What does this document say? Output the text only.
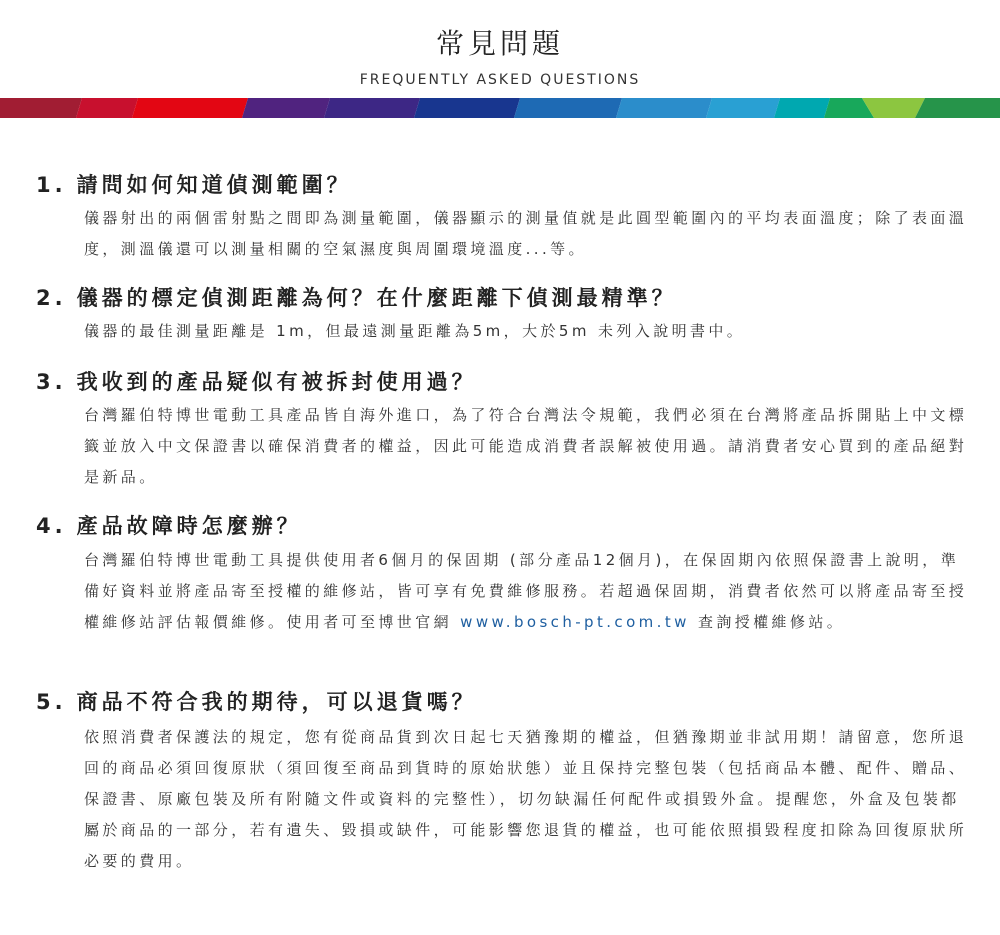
常見問題
FREQUENTLY ASKED QUESTIONS
1. 請問如何知道偵測範圍？
儀器射出的兩個雷射點之間即為測量範圍，儀器顯示的測量值就是此圓型範圍內的平均表面溫度；除了表面溫度，測溫儀還可以測量相關的空氣濕度與周圍環境溫度...等。
2. 儀器的標定偵測距離為何？在什麼距離下偵測最精準？
儀器的最佳測量距離是 1m，但最遠測量距離為5m，大於5m 未列入說明書中。
3. 我收到的產品疑似有被拆封使用過？
台灣羅伯特博世電動工具產品皆自海外進口，為了符合台灣法令規範，我們必須在台灣將產品拆開貼上中文標籤並放入中文保證書以確保消費者的權益，因此可能造成消費者誤解被使用過。請消費者安心買到的產品絕對是新品。
4. 產品故障時怎麼辦？
台灣羅伯特博世電動工具提供使用者6個月的保固期 (部分產品12個月)，在保固期內依照保證書上說明，準備好資料並將產品寄至授權的維修站，皆可享有免費維修服務。若超過保固期，消費者依然可以將產品寄至授權維修站評估報價維修。使用者可至博世官網 www.bosch-pt.com.tw 查詢授權維修站。
5. 商品不符合我的期待，可以退貨嗎？
依照消費者保護法的規定，您有從商品貨到次日起七天猶豫期的權益，但猶豫期並非試用期！請留意，您所退回的商品必須回復原狀（須回復至商品到貨時的原始狀態）並且保持完整包裝（包括商品本體、配件、贈品、保證書、原廠包裝及所有附隨文件或資料的完整性），切勿缺漏任何配件或損毀外盒。提醒您，外盒及包裝都屬於商品的一部分，若有遺失、毀損或缺件，可能影響您退貨的權益，也可能依照損毀程度扣除為回復原狀所必要的費用。
